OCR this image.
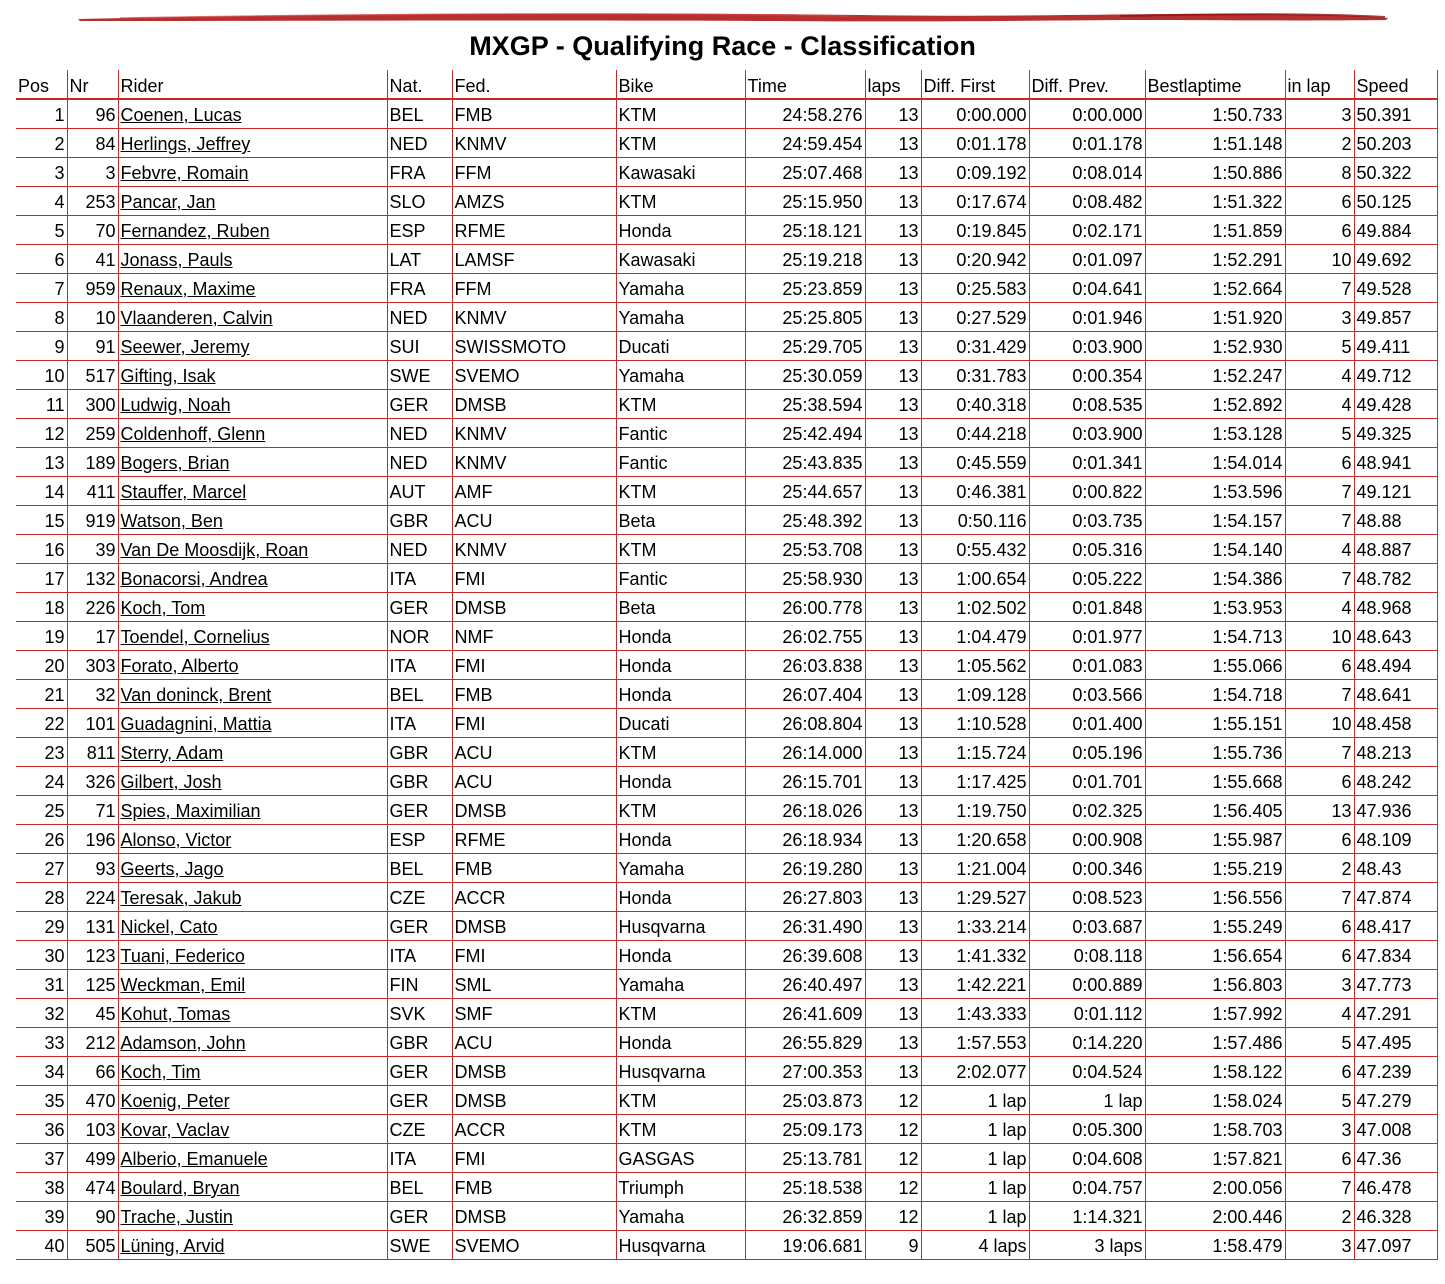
MXGP - Qualifying Race - Classification
Pos	Nr	Rider	Nat.	Fed.	Bike	Time	laps	Diff. First	Diff. Prev.	Bestlaptime	in lap	Speed
1	96	Coenen, Lucas	BEL	FMB	KTM	24:58.276	13	0:00.000	0:00.000	1:50.733	3	50.391
2	84	Herlings, Jeffrey	NED	KNMV	KTM	24:59.454	13	0:01.178	0:01.178	1:51.148	2	50.203
3	3	Febvre, Romain	FRA	FFM	Kawasaki	25:07.468	13	0:09.192	0:08.014	1:50.886	8	50.322
4	253	Pancar, Jan	SLO	AMZS	KTM	25:15.950	13	0:17.674	0:08.482	1:51.322	6	50.125
5	70	Fernandez, Ruben	ESP	RFME	Honda	25:18.121	13	0:19.845	0:02.171	1:51.859	6	49.884
6	41	Jonass, Pauls	LAT	LAMSF	Kawasaki	25:19.218	13	0:20.942	0:01.097	1:52.291	10	49.692
7	959	Renaux, Maxime	FRA	FFM	Yamaha	25:23.859	13	0:25.583	0:04.641	1:52.664	7	49.528
8	10	Vlaanderen, Calvin	NED	KNMV	Yamaha	25:25.805	13	0:27.529	0:01.946	1:51.920	3	49.857
9	91	Seewer, Jeremy	SUI	SWISSMOTO	Ducati	25:29.705	13	0:31.429	0:03.900	1:52.930	5	49.411
10	517	Gifting, Isak	SWE	SVEMO	Yamaha	25:30.059	13	0:31.783	0:00.354	1:52.247	4	49.712
11	300	Ludwig, Noah	GER	DMSB	KTM	25:38.594	13	0:40.318	0:08.535	1:52.892	4	49.428
12	259	Coldenhoff, Glenn	NED	KNMV	Fantic	25:42.494	13	0:44.218	0:03.900	1:53.128	5	49.325
13	189	Bogers, Brian	NED	KNMV	Fantic	25:43.835	13	0:45.559	0:01.341	1:54.014	6	48.941
14	411	Stauffer, Marcel	AUT	AMF	KTM	25:44.657	13	0:46.381	0:00.822	1:53.596	7	49.121
15	919	Watson, Ben	GBR	ACU	Beta	25:48.392	13	0:50.116	0:03.735	1:54.157	7	48.88
16	39	Van De Moosdijk, Roan	NED	KNMV	KTM	25:53.708	13	0:55.432	0:05.316	1:54.140	4	48.887
17	132	Bonacorsi, Andrea	ITA	FMI	Fantic	25:58.930	13	1:00.654	0:05.222	1:54.386	7	48.782
18	226	Koch, Tom	GER	DMSB	Beta	26:00.778	13	1:02.502	0:01.848	1:53.953	4	48.968
19	17	Toendel, Cornelius	NOR	NMF	Honda	26:02.755	13	1:04.479	0:01.977	1:54.713	10	48.643
20	303	Forato, Alberto	ITA	FMI	Honda	26:03.838	13	1:05.562	0:01.083	1:55.066	6	48.494
21	32	Van doninck, Brent	BEL	FMB	Honda	26:07.404	13	1:09.128	0:03.566	1:54.718	7	48.641
22	101	Guadagnini, Mattia	ITA	FMI	Ducati	26:08.804	13	1:10.528	0:01.400	1:55.151	10	48.458
23	811	Sterry, Adam	GBR	ACU	KTM	26:14.000	13	1:15.724	0:05.196	1:55.736	7	48.213
24	326	Gilbert, Josh	GBR	ACU	Honda	26:15.701	13	1:17.425	0:01.701	1:55.668	6	48.242
25	71	Spies, Maximilian	GER	DMSB	KTM	26:18.026	13	1:19.750	0:02.325	1:56.405	13	47.936
26	196	Alonso, Victor	ESP	RFME	Honda	26:18.934	13	1:20.658	0:00.908	1:55.987	6	48.109
27	93	Geerts, Jago	BEL	FMB	Yamaha	26:19.280	13	1:21.004	0:00.346	1:55.219	2	48.43
28	224	Teresak, Jakub	CZE	ACCR	Honda	26:27.803	13	1:29.527	0:08.523	1:56.556	7	47.874
29	131	Nickel, Cato	GER	DMSB	Husqvarna	26:31.490	13	1:33.214	0:03.687	1:55.249	6	48.417
30	123	Tuani, Federico	ITA	FMI	Honda	26:39.608	13	1:41.332	0:08.118	1:56.654	6	47.834
31	125	Weckman, Emil	FIN	SML	Yamaha	26:40.497	13	1:42.221	0:00.889	1:56.803	3	47.773
32	45	Kohut, Tomas	SVK	SMF	KTM	26:41.609	13	1:43.333	0:01.112	1:57.992	4	47.291
33	212	Adamson, John	GBR	ACU	Honda	26:55.829	13	1:57.553	0:14.220	1:57.486	5	47.495
34	66	Koch, Tim	GER	DMSB	Husqvarna	27:00.353	13	2:02.077	0:04.524	1:58.122	6	47.239
35	470	Koenig, Peter	GER	DMSB	KTM	25:03.873	12	1 lap	1 lap	1:58.024	5	47.279
36	103	Kovar, Vaclav	CZE	ACCR	KTM	25:09.173	12	1 lap	0:05.300	1:58.703	3	47.008
37	499	Alberio, Emanuele	ITA	FMI	GASGAS	25:13.781	12	1 lap	0:04.608	1:57.821	6	47.36
38	474	Boulard, Bryan	BEL	FMB	Triumph	25:18.538	12	1 lap	0:04.757	2:00.056	7	46.478
39	90	Trache, Justin	GER	DMSB	Yamaha	26:32.859	12	1 lap	1:14.321	2:00.446	2	46.328
40	505	Lüning, Arvid	SWE	SVEMO	Husqvarna	19:06.681	9	4 laps	3 laps	1:58.479	3	47.097
